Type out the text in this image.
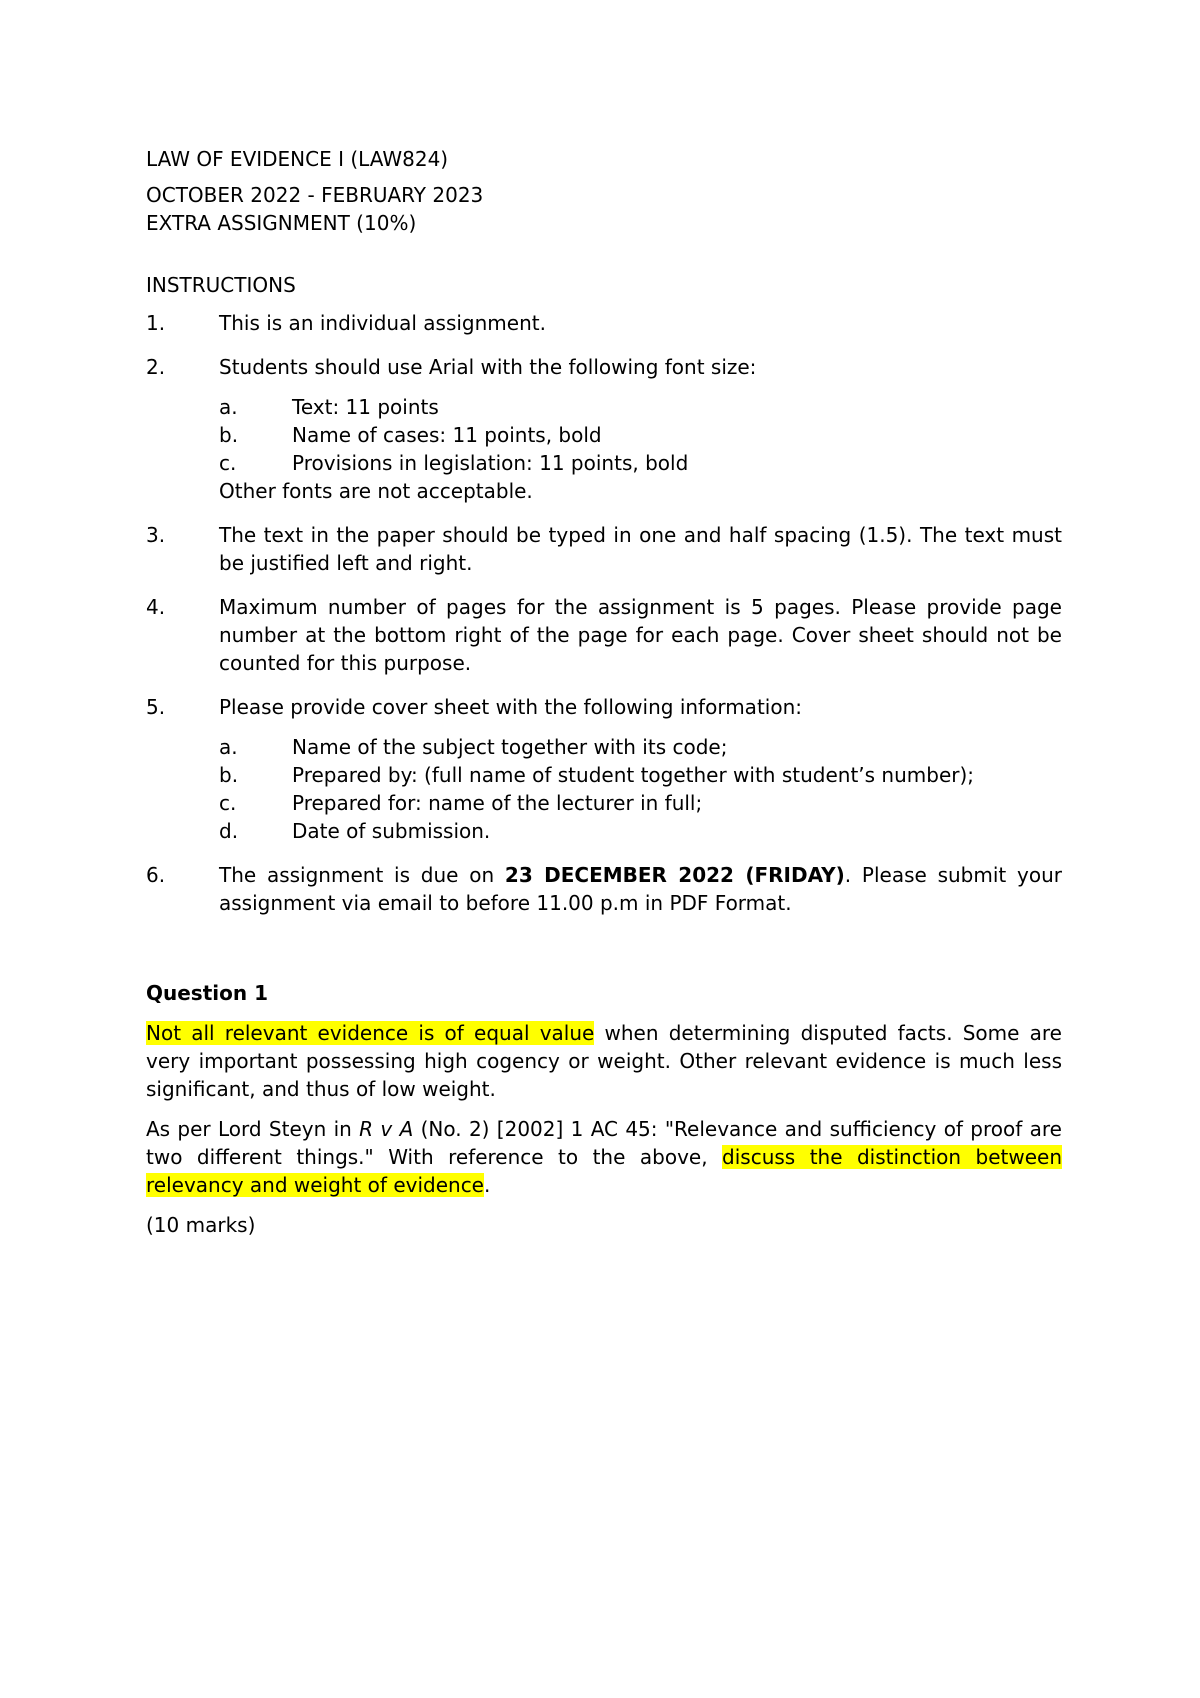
LAW OF EVIDENCE I (LAW824)
OCTOBER 2022 - FEBRUARY 2023
EXTRA ASSIGNMENT (10%)
INSTRUCTIONS
1.	This is an individual assignment.
2.	Students should use Arial with the following font size:
a.	Text: 11 points
b.	Name of cases: 11 points, bold
c.	Provisions in legislation: 11 points, bold
Other fonts are not acceptable.
3.	The text in the paper should be typed in one and half spacing (1.5). The text must be justified left and right.
4.	Maximum number of pages for the assignment is 5 pages. Please provide page number at the bottom right of the page for each page. Cover sheet should not be counted for this purpose.
5.	Please provide cover sheet with the following information:
a.	Name of the subject together with its code;
b.	Prepared by: (full name of student together with student’s number);
c.	Prepared for: name of the lecturer in full;
d.	Date of submission.
6.	The assignment is due on 23 DECEMBER 2022 (FRIDAY). Please submit your assignment via email to before 11.00 p.m in PDF Format.
Question 1
Not all relevant evidence is of equal value when determining disputed facts. Some are very important possessing high cogency or weight. Other relevant evidence is much less significant, and thus of low weight.
As per Lord Steyn in R v A (No. 2) [2002] 1 AC 45: "Relevance and sufficiency of proof are two different things." With reference to the above, discuss the distinction between relevancy and weight of evidence.
(10 marks)
